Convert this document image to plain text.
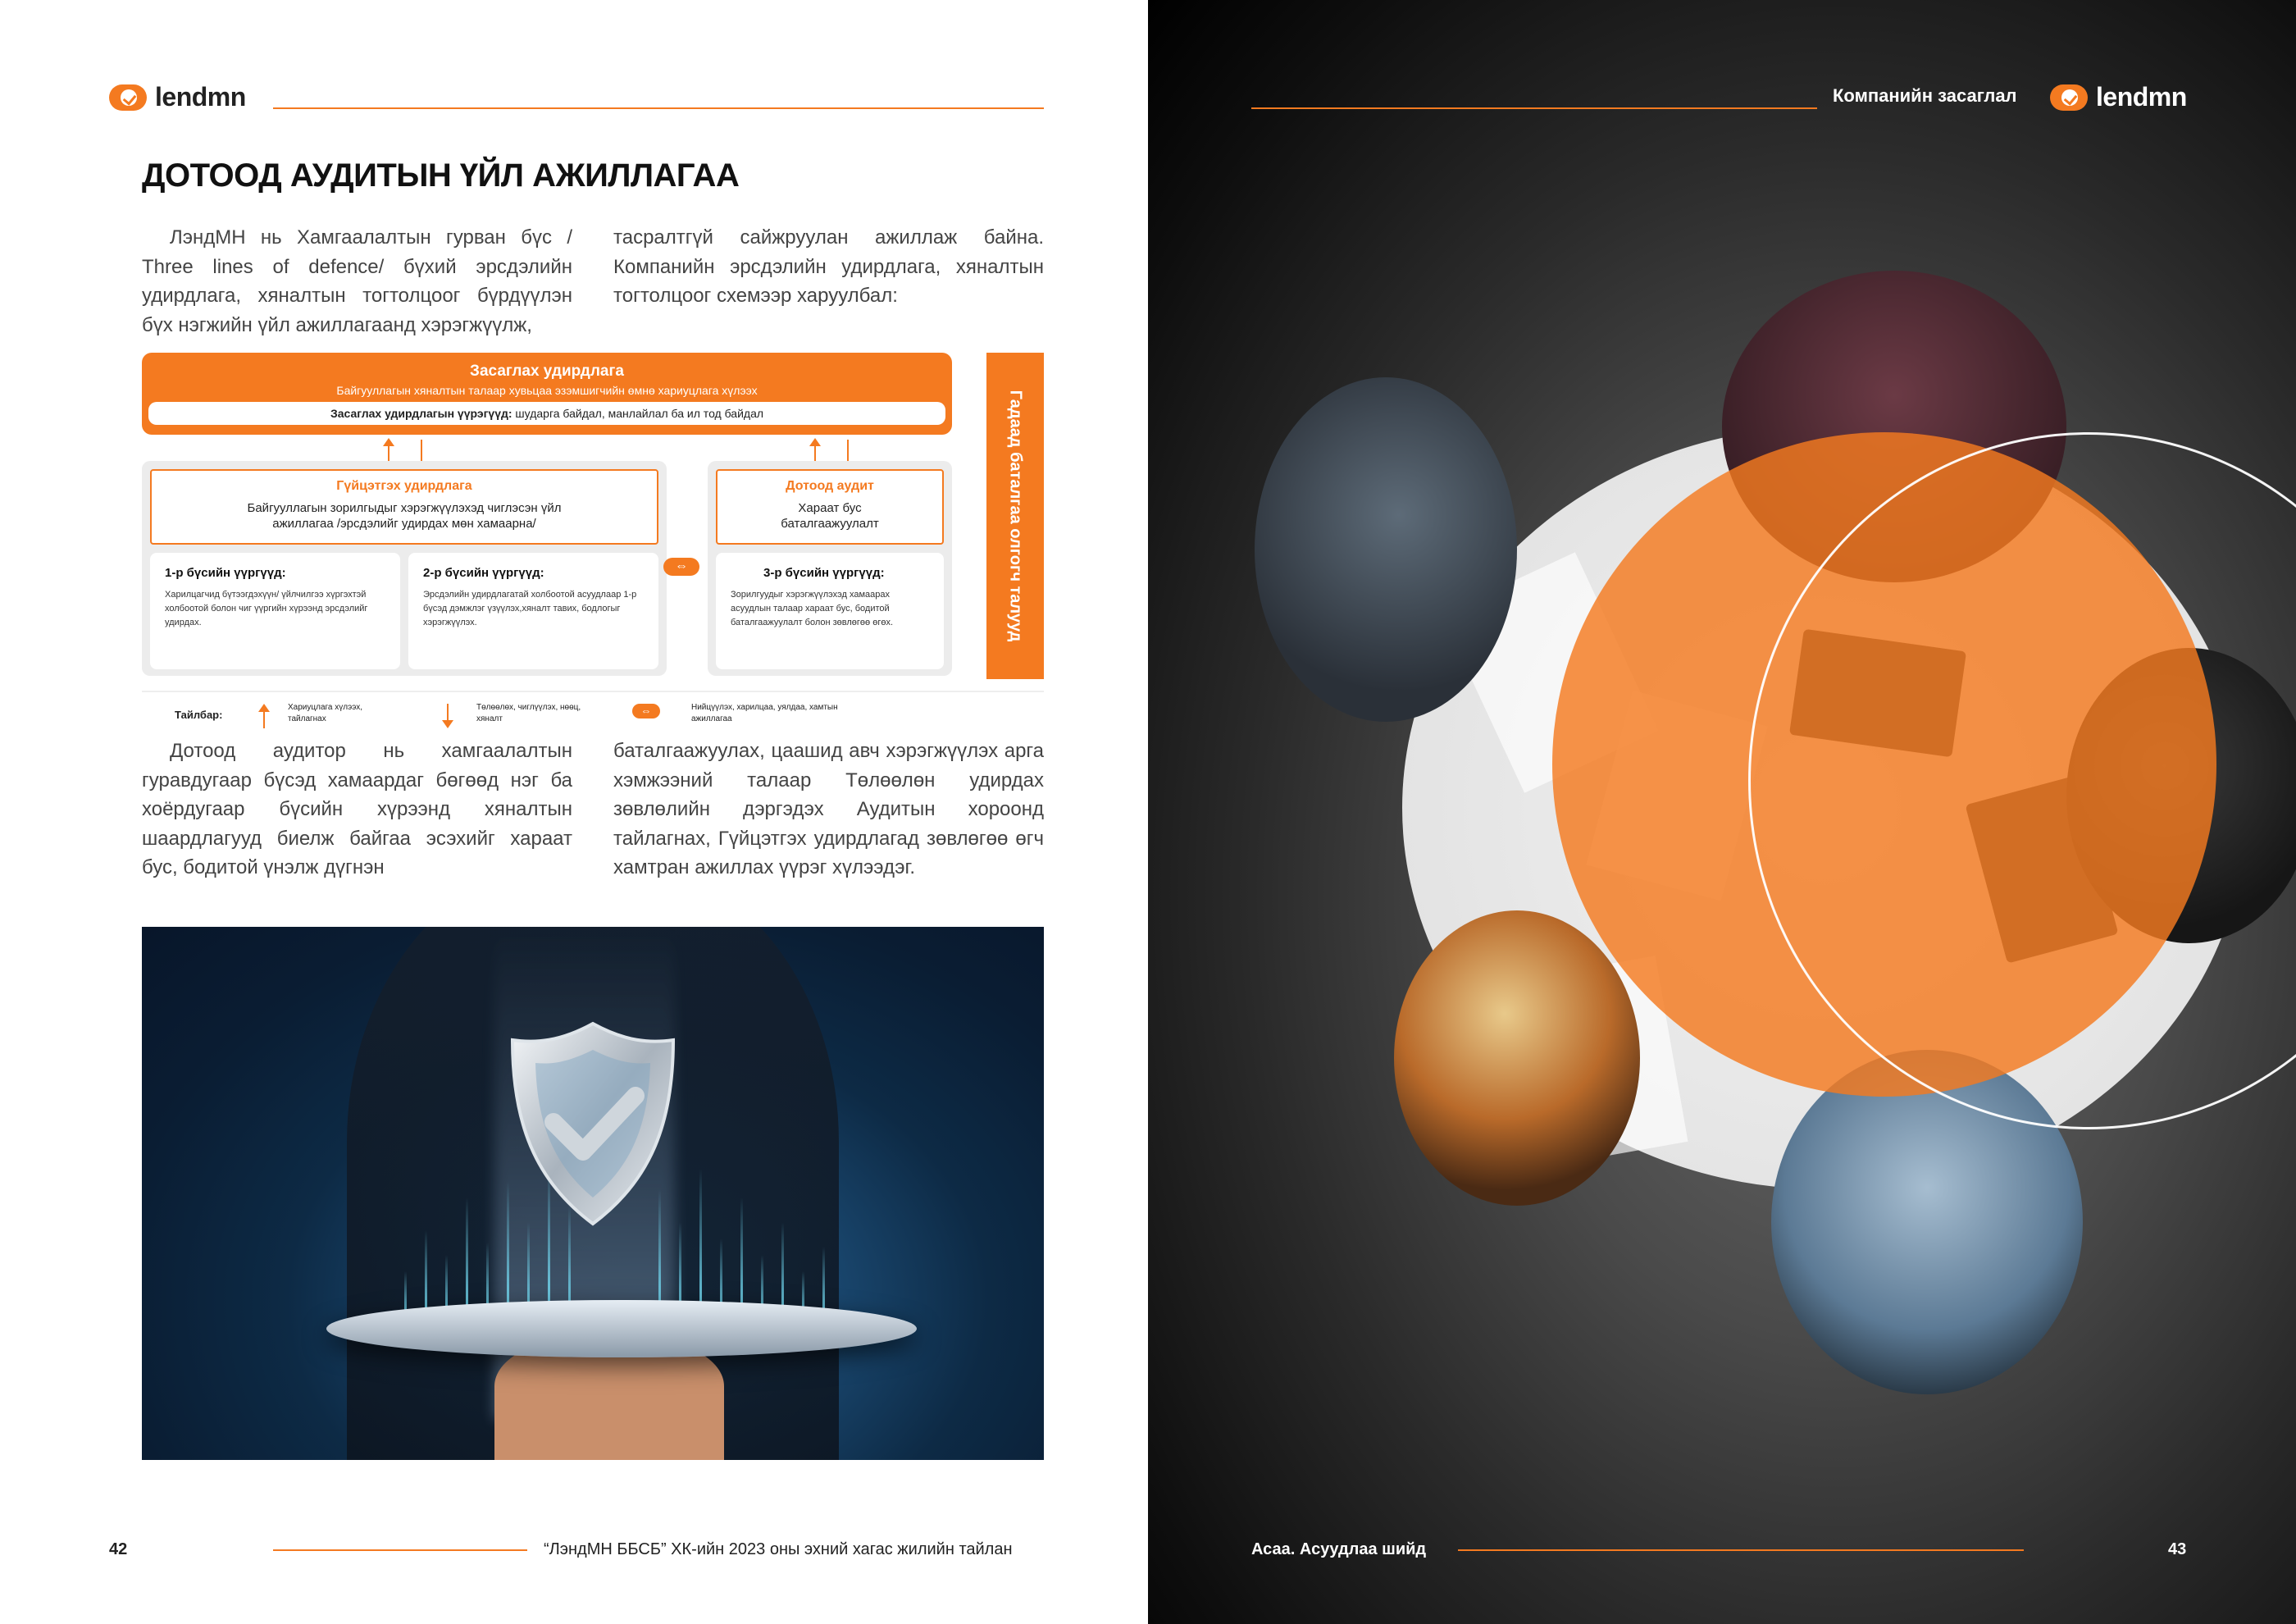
lendmn
ДОТООД АУДИТЫН ҮЙЛ АЖИЛЛАГАА
ЛэндМН нь Хамгаалалтын гурван бүс / Three lines of defence/ бүхий эрсдэлийн удирдлага, хяналтын тогтолцоог бүрдүүлэн бүх нэгжийн үйл ажиллагаанд хэрэгжүүлж,
тасралтгүй сайжруулан ажиллаж байна. Компанийн эрсдэлийн удирдлага, хяналтын тогтолцоог схемээр харуулбал:
Засаглах удирдлага
Байгууллагын хяналтын талаар хувьцаа эзэмшигчийн өмнө хариуцлага хүлээх
Засаглах удирдлагын үүрэгүүд: шударга байдал, манлайлал ба ил тод байдал	Гадаад баталгаа олгогч талууд
Гүйцэтгэх удирдлага
Байгууллагын зорилгыдыг хэрэгжүүлэхэд чиглэсэн үйл ажиллагаа /эрсдэлийг удирдах мөн хамаарна/
1-р бүсийн үүргүүд:
Харилцагчид бүтээгдэхүүн/ үйлчилгээ хүргэхтэй холбоотой болон чиг үүргийн хүрээнд эрсдэлийг удирдах.
2-р бүсийн үүргүүд:
Эрсдэлийн удирдлагатай холбоотой асуудлаар 1-р бүсэд дэмжлэг үзүүлэх,хяналт тавих, бодлогыг хэрэгжүүлэх.
⇔
Дотоод аудит
Хараат бус баталгаажуулалт
3-р бүсийн үүргүүд:
Зорилгуудыг хэрэгжүүлэхэд хамаарах асуудлын талаар хараат бус, бодитой баталгаажуулалт болон зөвлөгөө өгөх.
Тайлбар:
Хариуцлага хүлээх, тайлагнах
Төлөөлөх, чиглүүлэх, нөөц, хяналт
⇔	Нийцүүлэх, харилцаа, уялдаа, хамтын ажиллагаа
Дотоод аудитор нь хамгаалалтын гуравдугаар бүсэд хамаардаг бөгөөд нэг ба хоёрдугаар бүсийн хүрээнд хяналтын шаардлагууд биелж байгаа эсэхийг хараат бус, бодитой үнэлж дүгнэн
баталгаажуулах, цаашид авч хэрэгжүүлэх арга хэмжээний талаар Төлөөлөн удирдах зөвлөлийн дэргэдэх Аудитын хороонд тайлагнах, Гүйцэтгэх удирдлагад зөвлөгөө өгч хамтран ажиллах үүрэг хүлээдэг.
42	“ЛэндМН ББСБ” ХК-ийн 2023 оны эхний хагас жилийн тайлан
Компанийн засаглал	lendmn
Асаа. Асуудлаа шийд	43
